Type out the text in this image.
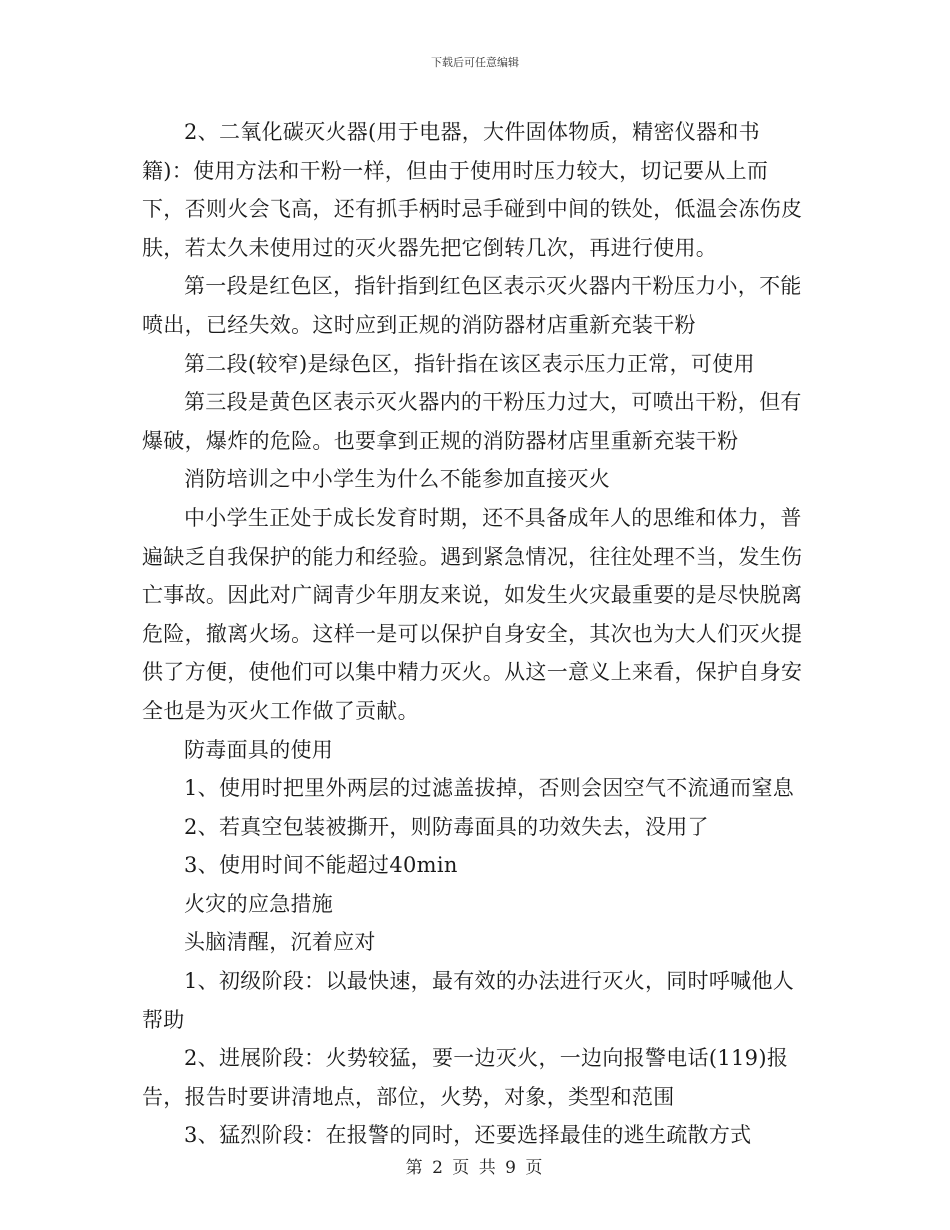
下载后可任意编辑

2、二氧化碳灭火器(用于电器，大件固体物质，精密仪器和书籍)：使用方法和干粉一样，但由于使用时压力较大，切记要从上而下，否则火会飞高，还有抓手柄时忌手碰到中间的铁处，低温会冻伤皮肤，若太久未使用过的灭火器先把它倒转几次，再进行使用。

第一段是红色区，指针指到红色区表示灭火器内干粉压力小，不能喷出，已经失效。这时应到正规的消防器材店重新充装干粉

第二段(较窄)是绿色区，指针指在该区表示压力正常，可使用

第三段是黄色区表示灭火器内的干粉压力过大，可喷出干粉，但有爆破，爆炸的危险。也要拿到正规的消防器材店里重新充装干粉

消防培训之中小学生为什么不能参加直接灭火

中小学生正处于成长发育时期，还不具备成年人的思维和体力，普遍缺乏自我保护的能力和经验。遇到紧急情况，往往处理不当，发生伤亡事故。因此对广阔青少年朋友来说，如发生火灾最重要的是尽快脱离危险，撤离火场。这样一是可以保护自身安全，其次也为大人们灭火提供了方便，使他们可以集中精力灭火。从这一意义上来看，保护自身安全也是为灭火工作做了贡献。

防毒面具的使用

1、使用时把里外两层的过滤盖拔掉，否则会因空气不流通而窒息

2、若真空包装被撕开，则防毒面具的功效失去，没用了

3、使用时间不能超过40min

火灾的应急措施

头脑清醒，沉着应对

1、初级阶段：以最快速，最有效的办法进行灭火，同时呼喊他人帮助

2、进展阶段：火势较猛，要一边灭火，一边向报警电话(119)报告，报告时要讲清地点，部位，火势，对象，类型和范围

3、猛烈阶段：在报警的同时，还要选择最佳的逃生疏散方式

第 2 页 共 9 页
